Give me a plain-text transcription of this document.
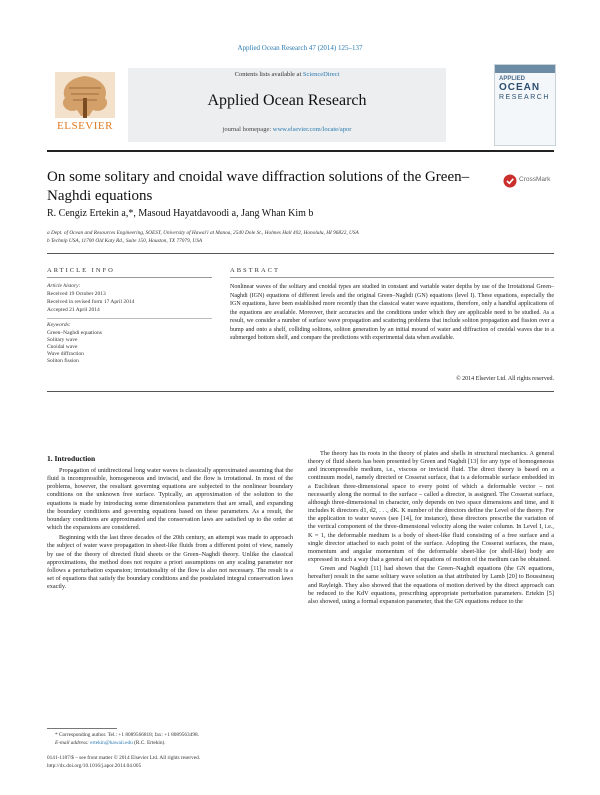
Applied Ocean Research 47 (2014) 125–137
ELSEVIER
Contents lists available at ScienceDirect
Applied Ocean Research
journal homepage: www.elsevier.com/locate/apor
APPLIED
OCEAN
RESEARCH
On some solitary and cnoidal wave diffraction solutions of the Green–Naghdi equations
CrossMark
R. Cengiz Ertekin a,*, Masoud Hayatdavoodi a, Jang Whan Kim b
a Dept. of Ocean and Resources Engineering, SOEST, University of Hawai'i at Manoa, 2540 Dole St., Holmes Hall 402, Honolulu, HI 96822, USA
b Technip USA, 11700 Old Katy Rd., Suite 150, Houston, TX 77079, USA
ARTICLE INFO
Article history:
Received 19 October 2013
Received in revised form 17 April 2014
Accepted 21 April 2014
Keywords:
Green–Naghdi equations
Solitary wave
Cnoidal wave
Wave diffraction
Soliton fission
ABSTRACT
Nonlinear waves of the solitary and cnoidal types are studied in constant and variable water depths by use of the Irrotational Green–Naghdi (IGN) equations of different levels and the original Green–Naghdi (GN) equations (level I). These equations, especially the IGN equations, have been established more recently than the classical water wave equations, therefore, only a handful applications of the equations are available. Moreover, their accuracies and the conditions under which they are applicable need to be studied. As a result, we consider a number of surface wave propagation and scattering problems that include soliton propagation and fission over a bump and onto a shelf, colliding solitons, soliton generation by an initial mound of water and diffraction of cnoidal waves due to a submerged bottom shelf, and compare the predictions with experimental data when available.
© 2014 Elsevier Ltd. All rights reserved.
1. Introduction

Propagation of unidirectional long water waves is classically approximated assuming that the fluid is incompressible, homogeneous and inviscid, and the flow is irrotational. In most of the problems, however, the resultant governing equations are subjected to the nonlinear boundary conditions on the unknown free surface. Typically, an approximation of the solution to the equations is made by introducing some dimensionless parameters that are small, and expanding the boundary conditions and governing equations based on these parameters. As a result, the boundary conditions are approximated and the conservation laws are satisfied up to the order at which the expansions are considered.

Beginning with the last three decades of the 20th century, an attempt was made to approach the subject of water wave propagation in sheet-like fluids from a different point of view, namely by use of the theory of directed fluid sheets or the Green–Naghdi theory. Unlike the classical approximations, the method does not require a priori assumptions on any scaling parameter nor follows a perturbation expansion; irrotationality of the flow is also not necessary. The result is a set of equations that satisfy the boundary conditions and the postulated integral conservation laws exactly.

The theory has its roots in the theory of plates and shells in structural mechanics. A general theory of fluid sheets has been presented by Green and Naghdi [13] for any type of homogeneous and incompressible medium, i.e., viscous or inviscid fluid. The direct theory is based on a continuum model, namely directed or Cosserat surface, that is a deformable surface embedded in a Euclidean three-dimensional space to every point of which a deformable vector – not necessarily along the normal to the surface – called a director, is assigned. The Cosserat surface, although three-dimensional in character, only depends on two space dimensions and time, and it includes K directors d1, d2, . . ., dK. K number of the directors define the Level of the theory. For the application to water waves (see [14], for instance), these directors prescribe the variation of the vertical component of the three-dimensional velocity along the water column. In Level I, i.e., K = 1, the deformable medium is a body of sheet-like fluid consisting of a free surface and a single director attached to each point of the surface. Adopting the Cosserat surfaces, the mass, momentum and angular momentum of the deformable sheet-like (or shell-like) body are expressed in such a way that a general set of equations of motion of the medium can be obtained.

Green and Naghdi [11] had shown that the Green–Naghdi equations (the GN equations, hereafter) result in the same solitary wave solution as that attributed by Lamb [20] to Boussinesq and Rayleigh. They also showed that the equations of motion derived by the direct approach can be reduced to the KdV equations, prescribing appropriate perturbation parameters. Ertekin [5] also showed, using a formal expansion parameter, that the GN equations reduce to the

* Corresponding author. Tel.: +1 8089566818; fax: +1 8089563498.
E-mail address: ertekin@hawaii.edu (R.C. Ertekin).
0141-1187/$ – see front matter © 2014 Elsevier Ltd. All rights reserved.
http://dx.doi.org/10.1016/j.apor.2014.04.005
